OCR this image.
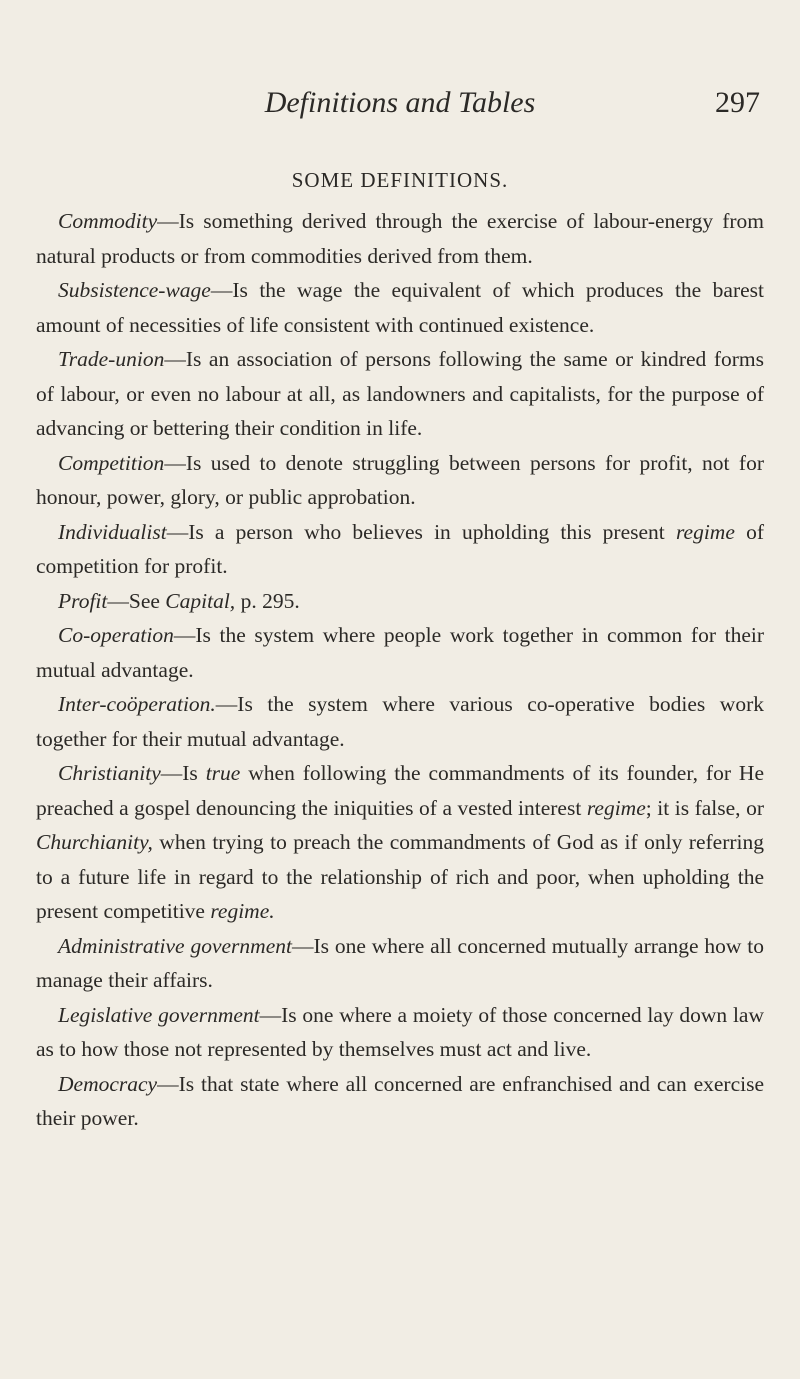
Definitions and Tables	297
SOME DEFINITIONS.

Commodity—Is something derived through the exercise of labour-energy from natural products or from commodities derived from them.

Subsistence-wage—Is the wage the equivalent of which produces the barest amount of necessities of life consistent with continued existence.

Trade-union—Is an association of persons following the same or kindred forms of labour, or even no labour at all, as landowners and capitalists, for the purpose of advancing or bettering their condition in life.

Competition—Is used to denote struggling between persons for profit, not for honour, power, glory, or public approbation.

Individualist—Is a person who believes in upholding this present regime of competition for profit.

Profit—See Capital, p. 295.

Co-operation—Is the system where people work together in common for their mutual advantage.

Inter-coöperation.—Is the system where various co-operative bodies work together for their mutual advantage.

Christianity—Is true when following the commandments of its founder, for He preached a gospel denouncing the iniquities of a vested interest regime; it is false, or Churchianity, when trying to preach the commandments of God as if only referring to a future life in regard to the relationship of rich and poor, when upholding the present competitive regime.

Administrative government—Is one where all concerned mutually arrange how to manage their affairs.

Legislative government—Is one where a moiety of those concerned lay down law as to how those not represented by themselves must act and live.

Democracy—Is that state where all concerned are enfranchised and can exercise their power.
